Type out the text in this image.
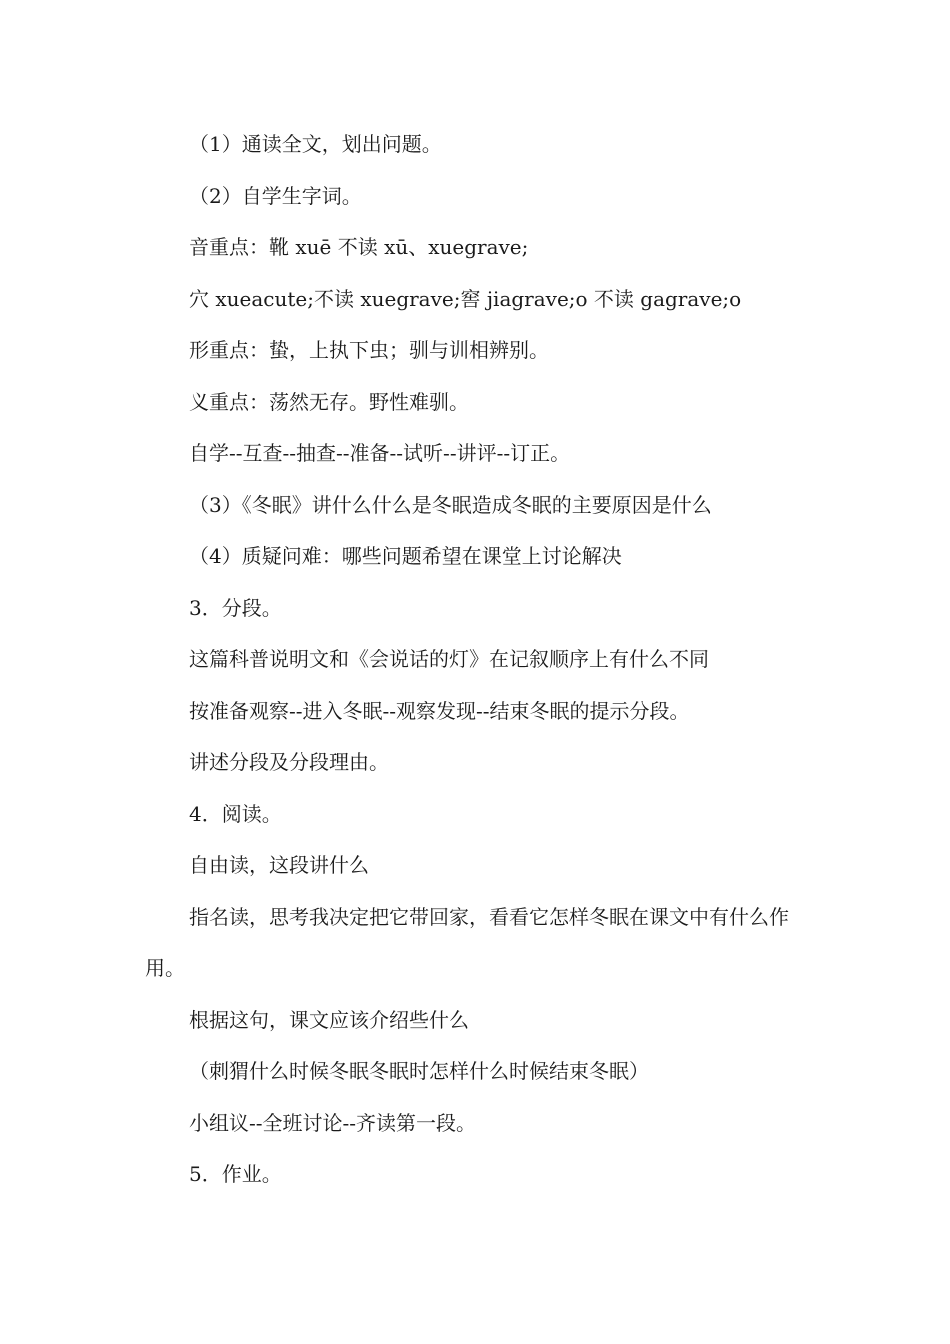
（1）通读全文，划出问题。

（2）自学生字词。

音重点：靴 xuē 不读 xū、xuegrave;

穴 xueacute;不读 xuegrave;窖 jiagrave;o 不读 gagrave;o

形重点：蛰，上执下虫；驯与训相辨别。

义重点：荡然无存。野性难驯。

自学--互查--抽查--准备--试听--讲评--订正。

（3）《冬眠》讲什么什么是冬眠造成冬眠的主要原因是什么

（4）质疑问难：哪些问题希望在课堂上讨论解决

3．分段。

这篇科普说明文和《会说话的灯》在记叙顺序上有什么不同

按准备观察--进入冬眠--观察发现--结束冬眠的提示分段。

讲述分段及分段理由。

4．阅读。

自由读，这段讲什么

指名读，思考我决定把它带回家，看看它怎样冬眠在课文中有什么作用。

根据这句，课文应该介绍些什么

（刺猬什么时候冬眠冬眠时怎样什么时候结束冬眠）

小组议--全班讨论--齐读第一段。

5．作业。
